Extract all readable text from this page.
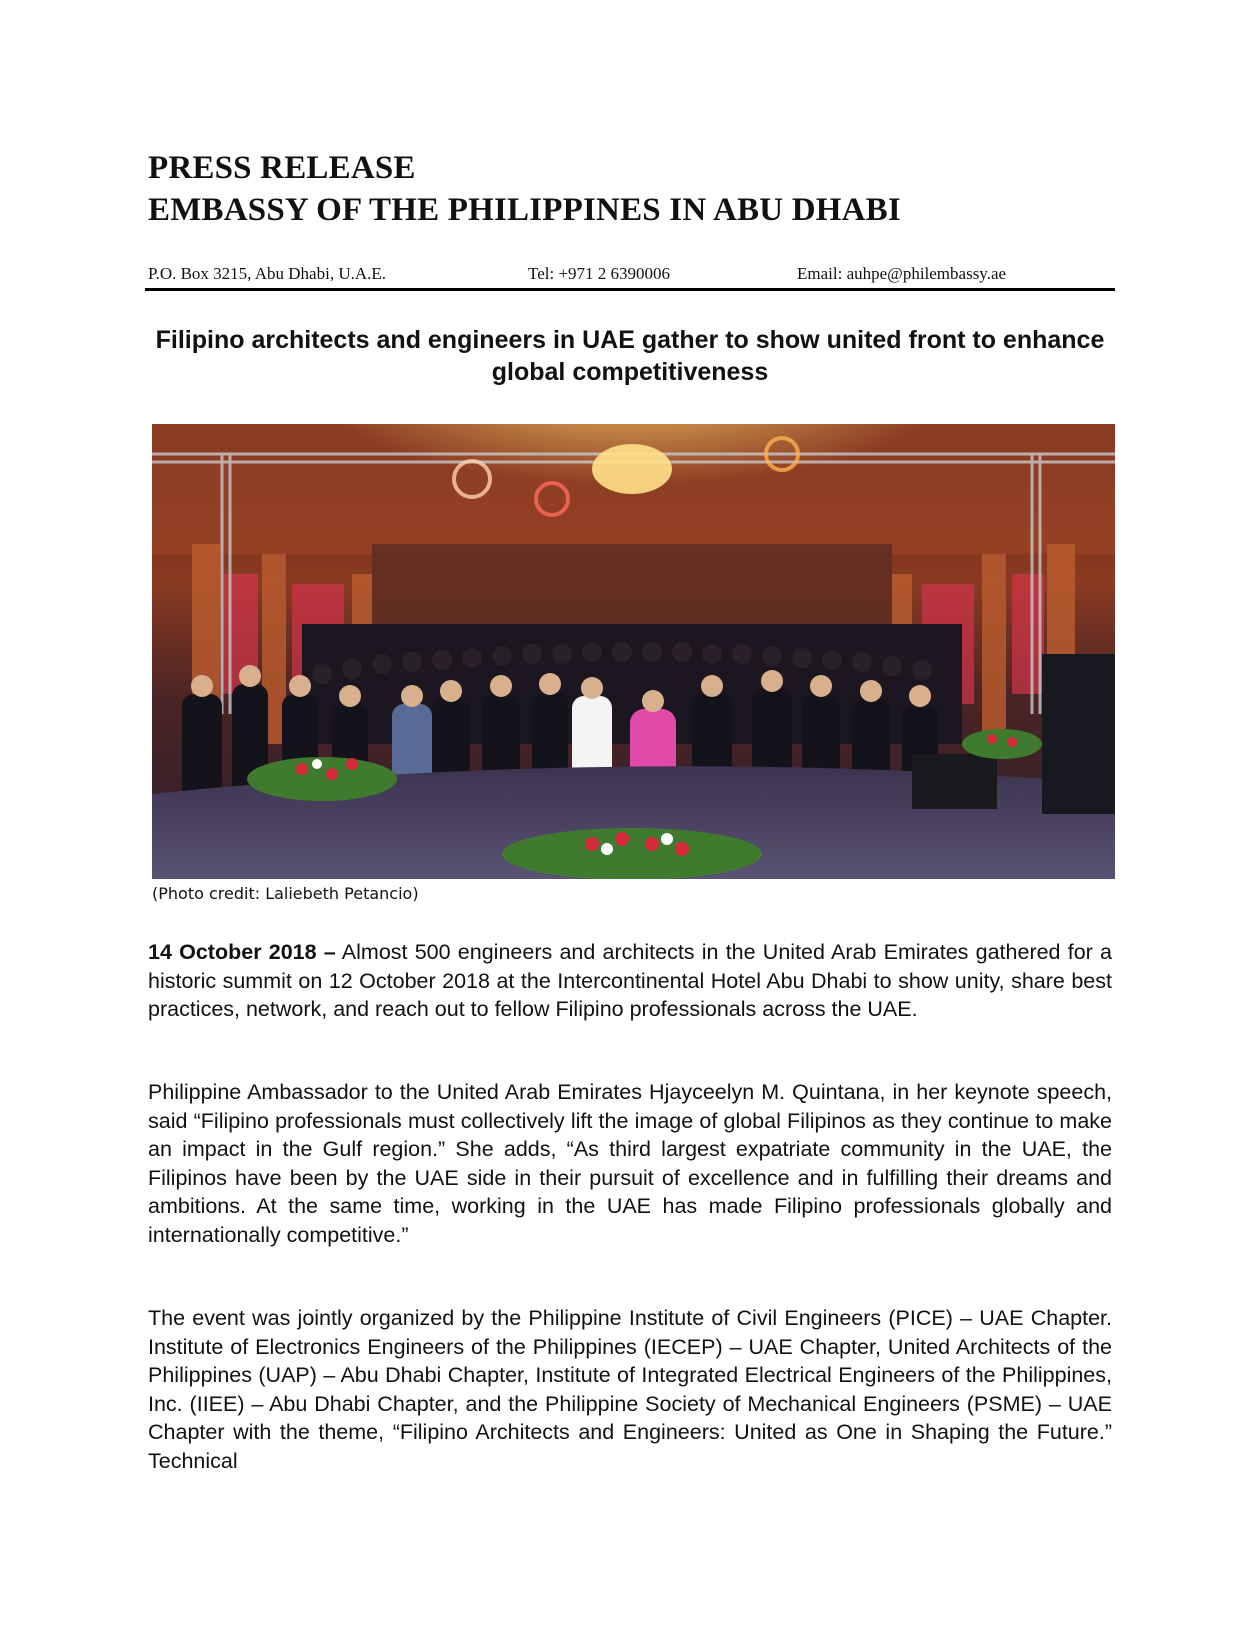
PRESS RELEASE
EMBASSY OF THE PHILIPPINES IN ABU DHABI
P.O. Box 3215, Abu Dhabi, U.A.E.	Tel: +971 2 6390006	Email: auhpe@philembassy.ae
Filipino architects and engineers in UAE gather to show united front to enhance global competitiveness
(Photo credit: Laliebeth Petancio)

14 October 2018 – Almost 500 engineers and architects in the United Arab Emirates gathered for a historic summit on 12 October 2018 at the Intercontinental Hotel Abu Dhabi to show unity, share best practices, network, and reach out to fellow Filipino professionals across the UAE.

Philippine Ambassador to the United Arab Emirates Hjayceelyn M. Quintana, in her keynote speech, said “Filipino professionals must collectively lift the image of global Filipinos as they continue to make an impact in the Gulf region.” She adds, “As third largest expatriate community in the UAE, the Filipinos have been by the UAE side in their pursuit of excellence and in fulfilling their dreams and ambitions. At the same time, working in the UAE has made Filipino professionals globally and internationally competitive.”

The event was jointly organized by the Philippine Institute of Civil Engineers (PICE) – UAE Chapter. Institute of Electronics Engineers of the Philippines (IECEP) – UAE Chapter, United Architects of the Philippines (UAP) – Abu Dhabi Chapter, Institute of Integrated Electrical Engineers of the Philippines, Inc. (IIEE) – Abu Dhabi Chapter, and the Philippine Society of Mechanical Engineers (PSME) – UAE Chapter with the theme, “Filipino Architects and Engineers: United as One in Shaping the Future.” Technical
